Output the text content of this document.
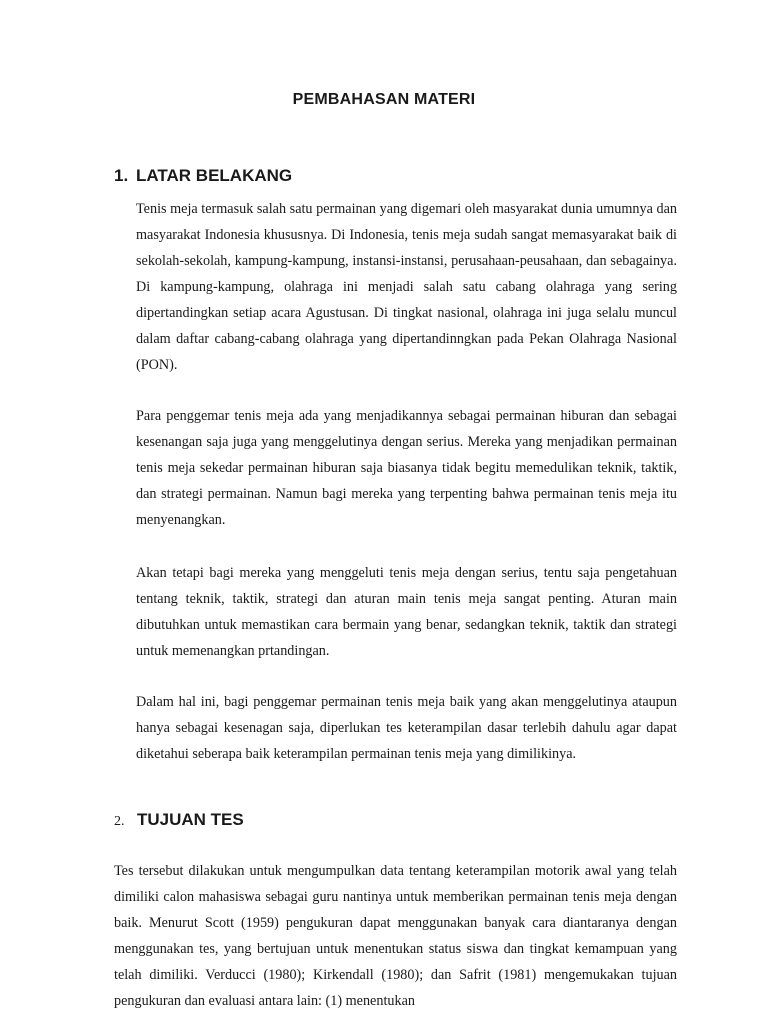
PEMBAHASAN MATERI
1. LATAR BELAKANG

Tenis meja termasuk salah satu permainan yang digemari oleh masyarakat dunia umumnya dan masyarakat Indonesia khususnya. Di Indonesia, tenis meja sudah sangat memasyarakat baik di sekolah-sekolah, kampung-kampung, instansi-instansi, perusahaan-peusahaan, dan sebagainya. Di kampung-kampung, olahraga ini menjadi salah satu cabang olahraga yang sering dipertandingkan setiap acara Agustusan. Di tingkat nasional, olahraga ini juga selalu muncul dalam daftar cabang-cabang olahraga yang dipertandinngkan pada Pekan Olahraga Nasional (PON).

Para penggemar tenis meja ada yang menjadikannya sebagai permainan hiburan dan sebagai kesenangan saja juga yang menggelutinya dengan serius. Mereka yang menjadikan permainan tenis meja sekedar permainan hiburan saja biasanya tidak begitu memedulikan teknik, taktik, dan strategi permainan. Namun bagi mereka yang terpenting bahwa permainan tenis meja itu menyenangkan.

Akan tetapi bagi mereka yang menggeluti tenis meja dengan serius, tentu saja pengetahuan tentang teknik, taktik, strategi dan aturan main tenis meja sangat penting. Aturan main dibutuhkan untuk memastikan cara bermain yang benar, sedangkan teknik, taktik dan strategi untuk memenangkan prtandingan.

Dalam hal ini, bagi penggemar permainan tenis meja baik yang akan menggelutinya ataupun hanya sebagai kesenagan saja, diperlukan tes keterampilan dasar terlebih dahulu agar dapat diketahui seberapa baik keterampilan permainan tenis meja yang dimilikinya.

2. TUJUAN TES

Tes tersebut dilakukan untuk mengumpulkan data tentang keterampilan motorik awal yang telah dimiliki calon mahasiswa sebagai guru nantinya untuk memberikan permainan tenis meja dengan baik. Menurut Scott (1959) pengukuran dapat menggunakan banyak cara diantaranya dengan menggunakan tes, yang bertujuan untuk menentukan status siswa dan tingkat kemampuan yang telah dimiliki. Verducci (1980); Kirkendall (1980); dan Safrit (1981) mengemukakan tujuan pengukuran dan evaluasi antara lain: (1) menentukan
